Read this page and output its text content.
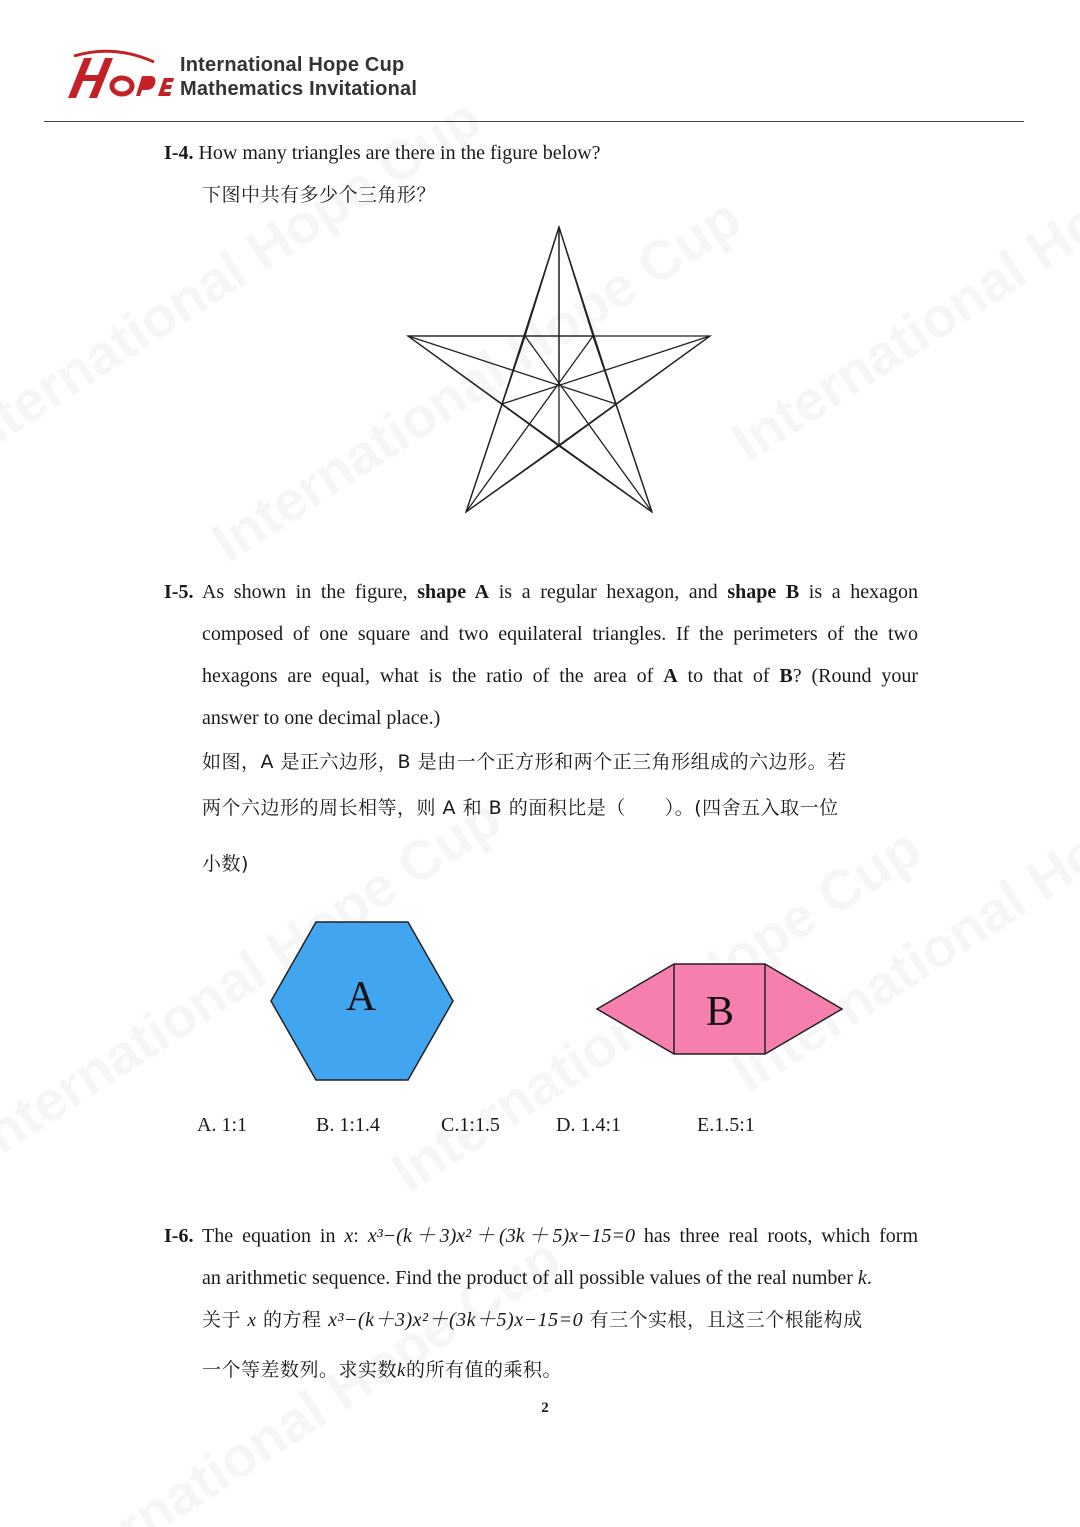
International Hope Cup
Mathematics Invitational

I-4. How many triangles are there in the figure below?

下图中共有多少个三角形？

I-5. As shown in the figure, shape A is a regular hexagon, and shape B is a hexagon

composed of one square and two equilateral triangles. If the perimeters of the two

hexagons are equal, what is the ratio of the area of A to that of B? (Round your

answer to one decimal place.)

如图，A 是正六边形，B 是由一个正方形和两个正三角形组成的六边形。若

两个六边形的周长相等，则 A 和 B 的面积比是（　　）。(四舍五入取一位

小数)

A	B
A. 1:1	B. 1:1.4	C.1:1.5	D. 1.4:1	E.1.5:1

I-6. The equation in x: x³−(k＋3)x²＋(3k＋5)x−15=0 has three real roots, which form

an arithmetic sequence. Find the product of all possible values of the real number k.

关于 x 的方程 x³−(k＋3)x²＋(3k＋5)x−15=0 有三个实根，且这三个根能构成

一个等差数列。求实数k的所有值的乘积。

2
